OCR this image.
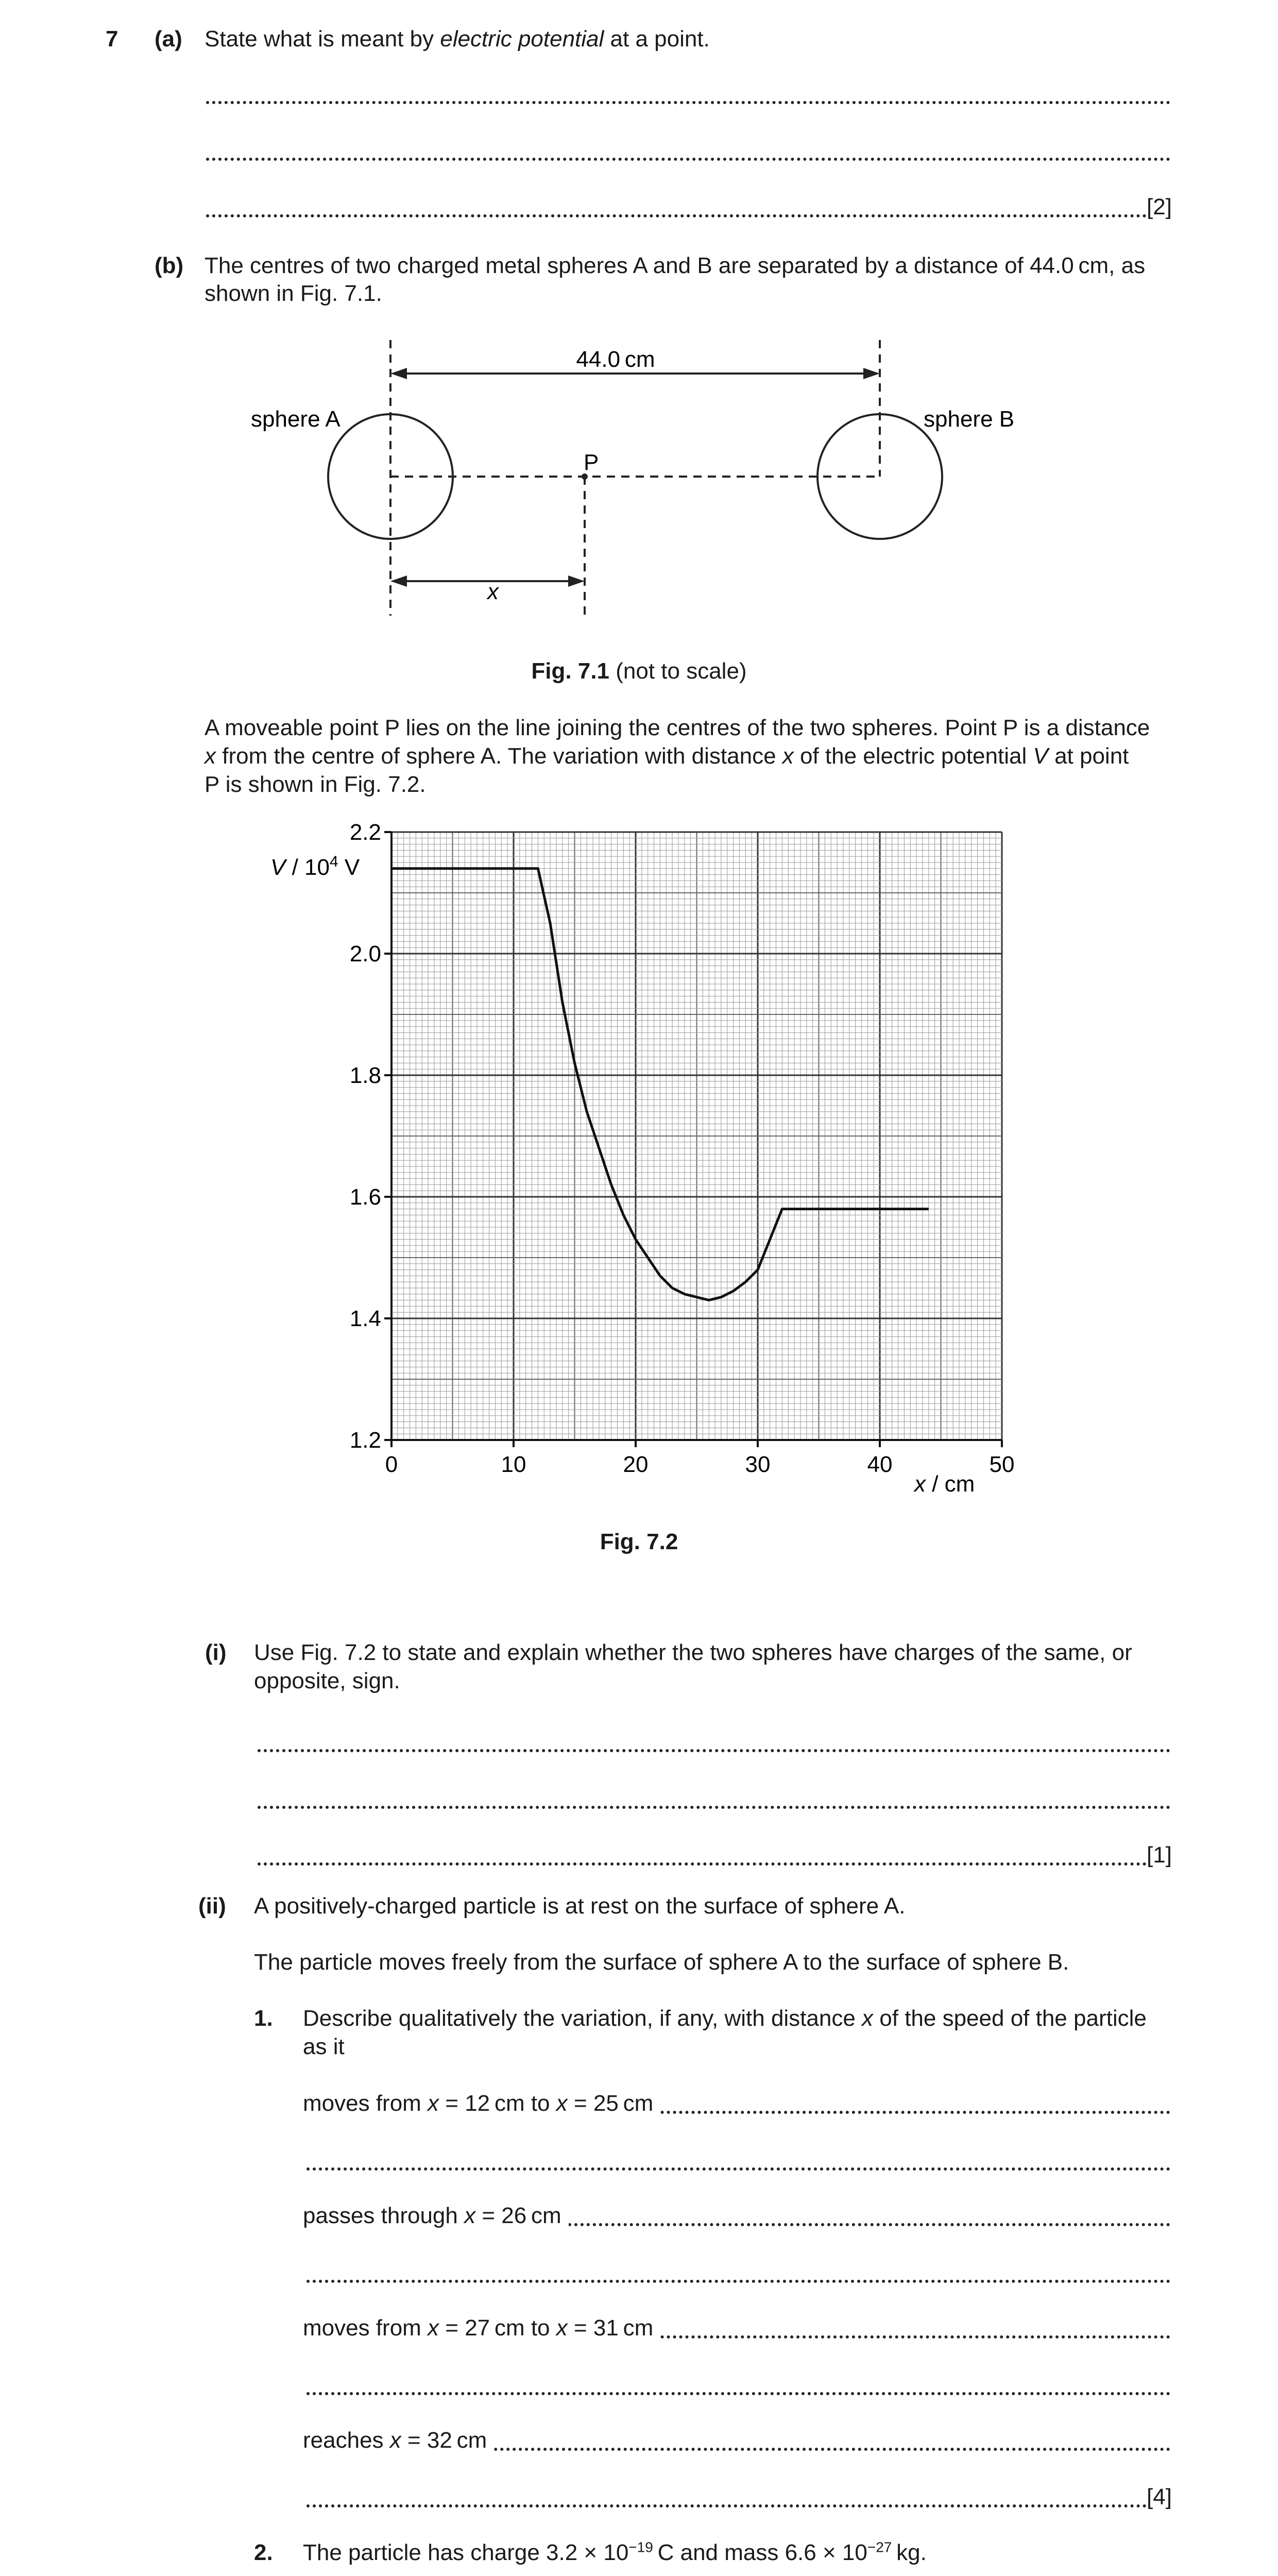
7 (a) State what is meant by electric potential at a point.
[2]
(b) The centres of two charged metal spheres A and B are separated by a distance of 44.0 cm, as
shown in Fig. 7.1.
44.0 cm
sphere A	sphere B
P
x
Fig. 7.1 (not to scale)
A moveable point P lies on the line joining the centres of the two spheres. Point P is a distance
x from the centre of sphere A. The variation with distance x of the electric potential V at point
P is shown in Fig. 7.2.
0	10	20	30	40	50
1.2
1.4
1.6
1.8
2.0
2.2
V / $10^4$ V
x / cm
Fig. 7.2
(i) Use Fig. 7.2 to state and explain whether the two spheres have charges of the same, or
opposite, sign.
[1]
(ii) A positively-charged particle is at rest on the surface of sphere A.
The particle moves freely from the surface of sphere A to the surface of sphere B.
1. Describe qualitatively the variation, if any, with distance x of the speed of the particle
as it
moves from x = 12 cm to x = 25 cm
passes through x = 26 cm
moves from x = 27 cm to x = 31 cm
reaches x = 32 cm
[4]
2. The particle has charge $3.2 \times 10^{-19}$ C and mass $6.6 \times 10^{-27}$ kg.
